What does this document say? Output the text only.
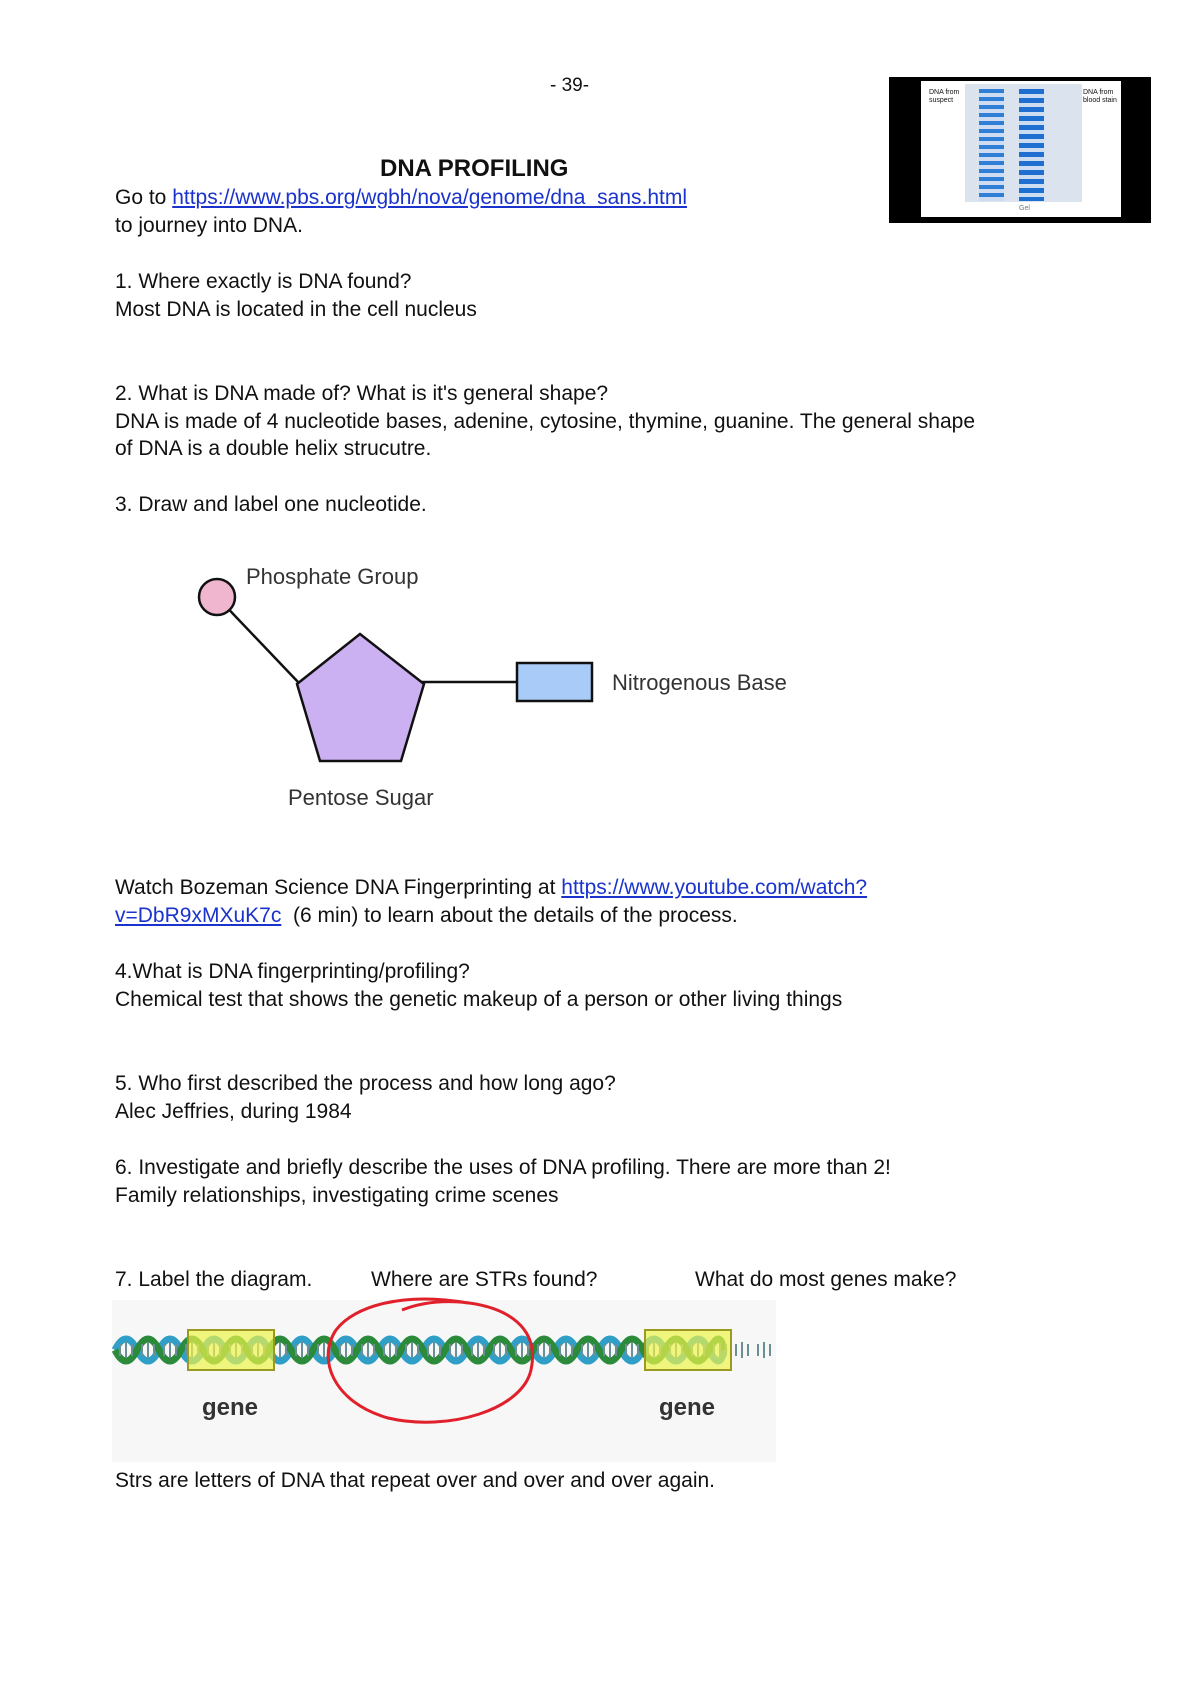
- 39-	DNA from suspect
DNA from blood stain
Gel
DNA PROFILING
Go to https://www.pbs.org/wgbh/nova/genome/dna_sans.html
to journey into DNA.
1. Where exactly is DNA found?
Most DNA is located in the cell nucleus
2. What is DNA made of? What is it's general shape?
DNA is made of 4 nucleotide bases, adenine, cytosine, thymine, guanine. The general shape
of DNA is a double helix strucutre.
3. Draw and label one nucleotide.
Phosphate Group
Nitrogenous Base
Pentose Sugar
Watch Bozeman Science DNA Fingerprinting at https://www.youtube.com/watch?
v=DbR9xMXuK7c  (6 min) to learn about the details of the process.
4.What is DNA fingerprinting/profiling?
Chemical test that shows the genetic makeup of a person or other living things
5. Who first described the process and how long ago?
Alec Jeffries, during 1984
6. Investigate and briefly describe the uses of DNA profiling. There are more than 2!
Family relationships, investigating crime scenes
7. Label the diagram.	Where are STRs found?	What do most genes make?
gene	gene
Strs are letters of DNA that repeat over and over and over again.
